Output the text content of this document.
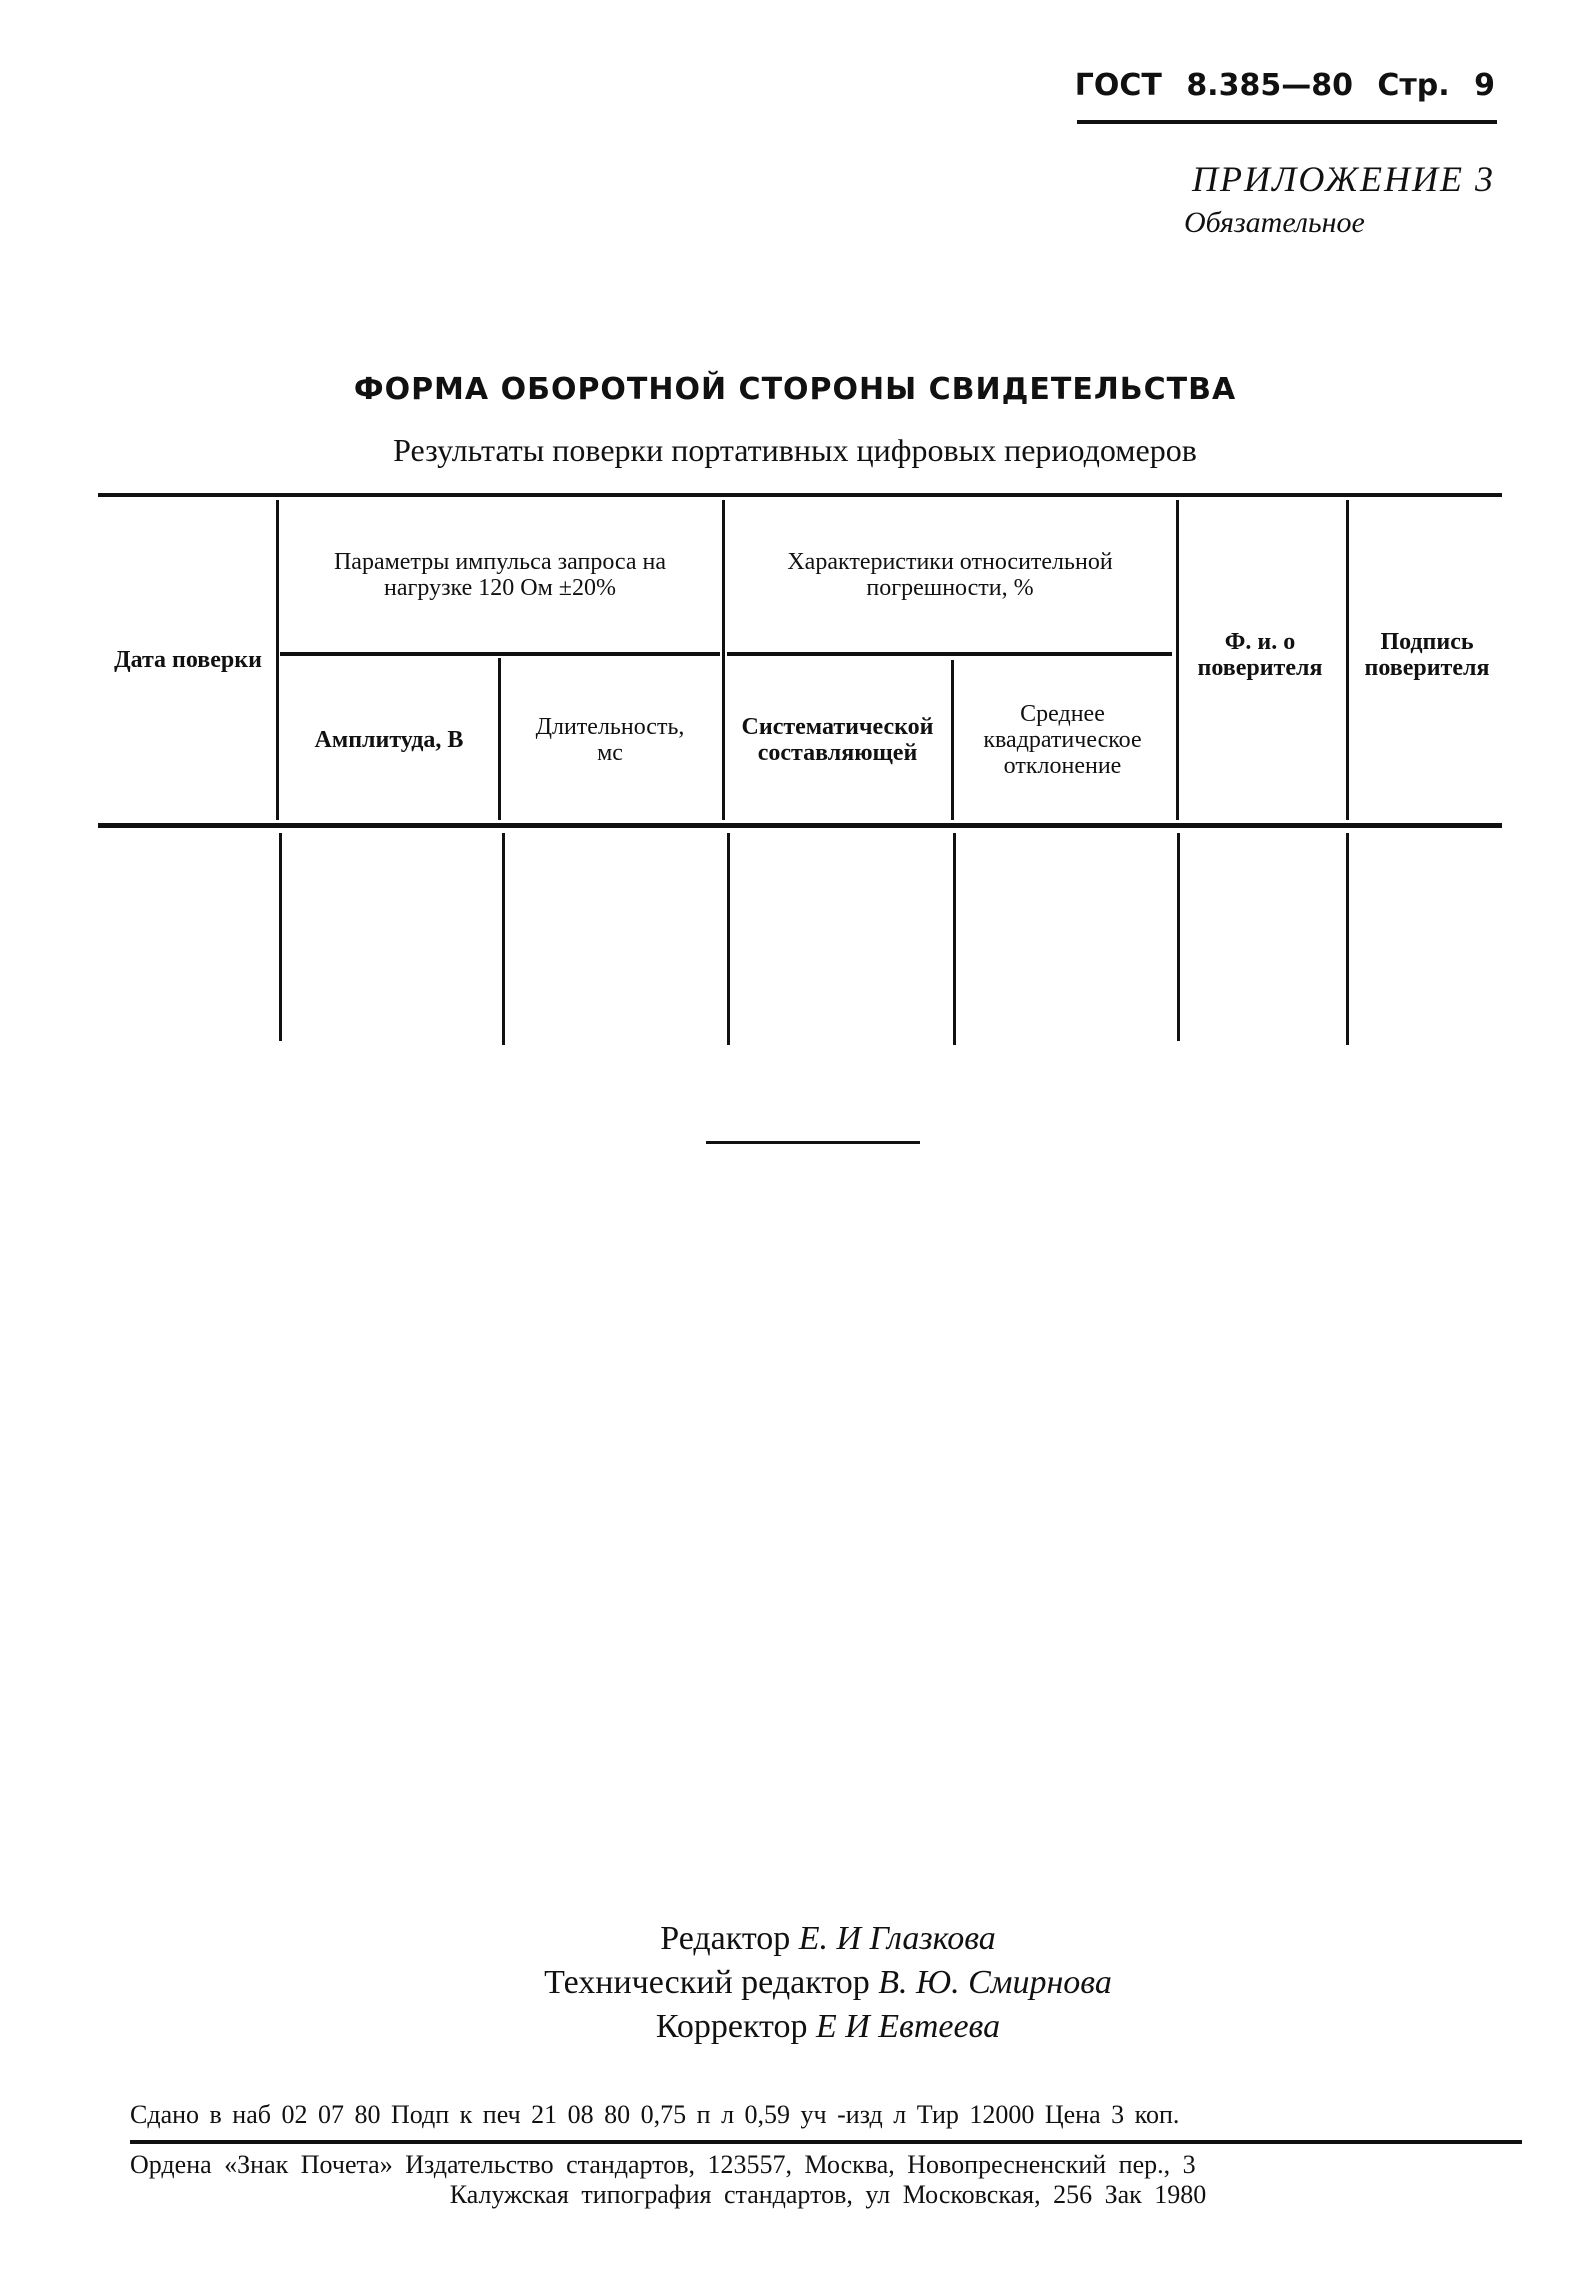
ГОСТ 8.385—80 Стр. 9
ПРИЛОЖЕНИЕ 3
Обязательное
ФОРМА ОБОРОТНОЙ СТОРОНЫ СВИДЕТЕЛЬСТВА
Результаты поверки портативных цифровых периодомеров
Дата поверки
Параметры импульса запроса на нагрузке 120 Ом ±20%
Амплитуда, В	Длительность, мс
Характеристики относительной погрешности, %
Систематической составляющей
Среднее квадратическое отклонение
Ф. и. о поверителя
Подпись поверителя
Редактор Е. И Глазкова
Технический редактор В. Ю. Смирнова
Корректор Е И Евтеева
Сдано в наб 02 07 80 Подп к печ 21 08 80 0,75 п л 0,59 уч -изд л Тир 12000 Цена 3 коп.
Ордена «Знак Почета» Издательство стандартов, 123557, Москва, Новопресненский пер., 3
Калужская типография стандартов, ул Московская, 256 Зак 1980
